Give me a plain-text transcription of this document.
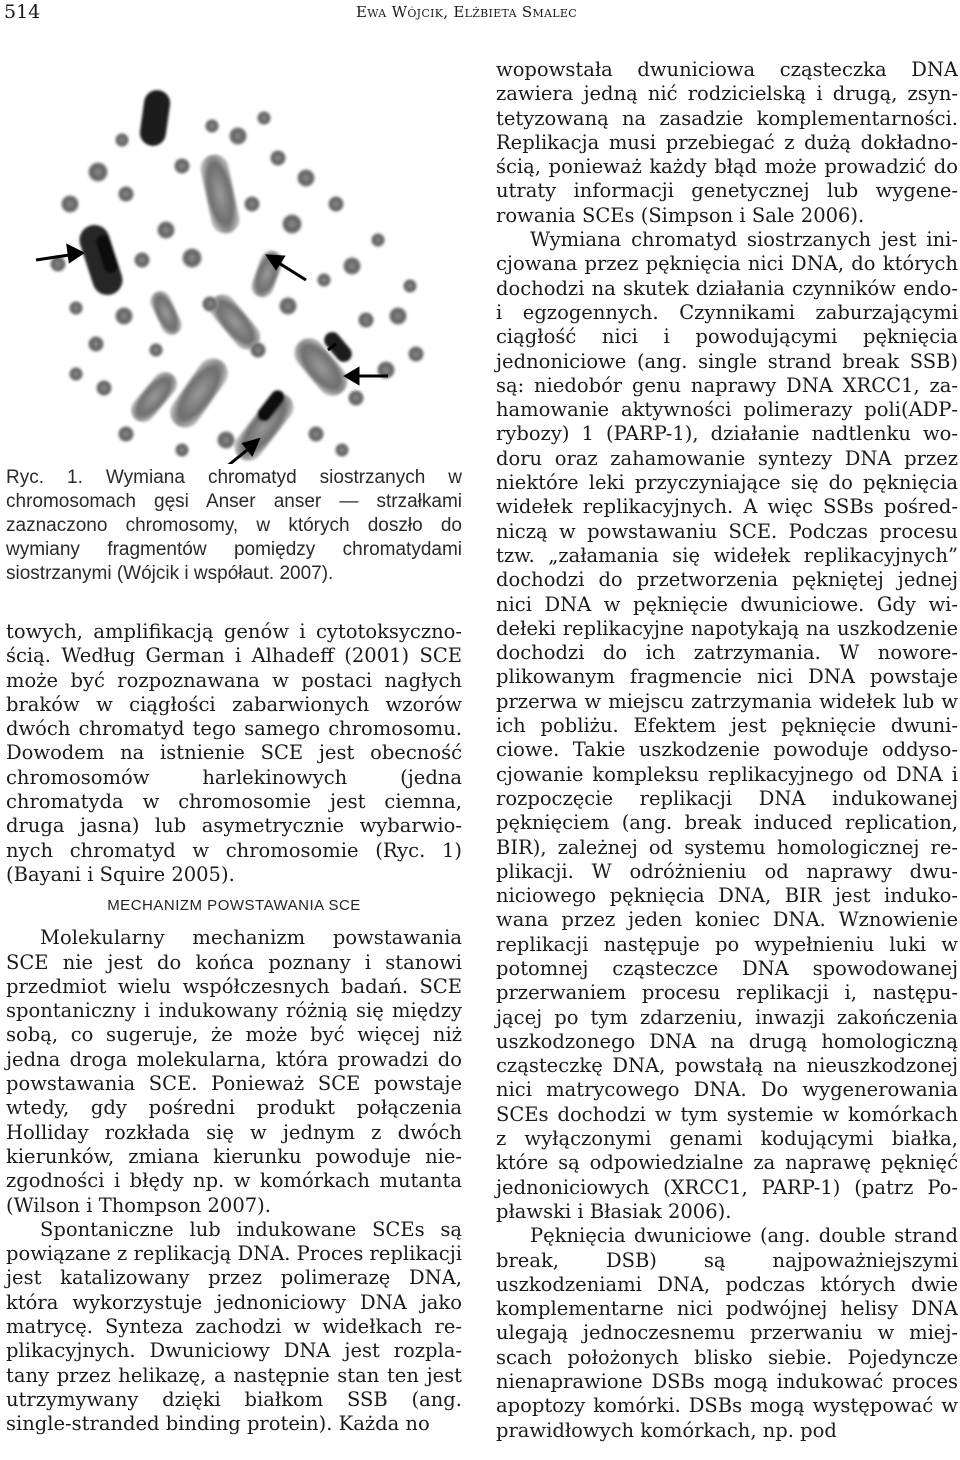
514	Ewa Wójcik, Elżbieta Smalec
Ryc. 1. Wymiana chromatyd siostrzanych w chromosomach gęsi Anser anser — strzałkami zaznaczono chromosomy, w których doszło do wymiany fragmentów pomiędzy chromatydami siostrzanymi (Wójcik i współaut. 2007).

towych, amplifikacją genów i cytotoksycznością. Według German i Alhadeff (2001) SCE może być rozpoznawana w postaci nagłych braków w ciągłości zabarwionych wzorów dwóch chromatyd tego samego chromosomu. Dowodem na istnienie SCE jest obecność chromosomów harlekinowych (jedna chromatyda w chromosomie jest ciemna, druga jasna) lub asymetrycznie wybarwionych chromatyd w chromosomie (Ryc. 1) (Bayani i Squire 2005).

MECHANIZM POWSTAWANIA SCE

Molekularny mechanizm powstawania SCE nie jest do końca poznany i stanowi przedmiot wielu współczesnych badań. SCE spontaniczny i indukowany różnią się między sobą, co sugeruje, że może być więcej niż jedna droga molekularna, która prowadzi do powstawania SCE. Ponieważ SCE powstaje wtedy, gdy pośredni produkt połączenia Holliday rozkłada się w jednym z dwóch kierunków, zmiana kierunku powoduje niezgodności i błędy np. w komórkach mutanta (Wilson i Thompson 2007).

Spontaniczne lub indukowane SCEs są powiązane z replikacją DNA. Proces replikacji jest katalizowany przez polimerazę DNA, która wykorzystuje jednoniciowy DNA jako matrycę. Synteza zachodzi w widełkach replikacyjnych. Dwuniciowy DNA jest rozplatany przez helikazę, a następnie stan ten jest utrzymywany dzięki białkom SSB (ang. single-stranded binding protein). Każda no

wopowstała dwuniciowa cząsteczka DNA zawiera jedną nić rodzicielską i drugą, zsyntetyzowaną na zasadzie komplementarności. Replikacja musi przebiegać z dużą dokładnością, ponieważ każdy błąd może prowadzić do utraty informacji genetycznej lub wygenerowania SCEs (Simpson i Sale 2006).

Wymiana chromatyd siostrzanych jest inicjowana przez pęknięcia nici DNA, do których dochodzi na skutek działania czynników endo- i egzogennych. Czynnikami zaburzającymi ciągłość nici i powodującymi pęknięcia jednoniciowe (ang. single strand break SSB) są: niedobór genu naprawy DNA XRCC1, zahamowanie aktywności polimerazy poli(ADPrybozy) 1 (PARP-1), działanie nadtlenku wodoru oraz zahamowanie syntezy DNA przez niektóre leki przyczyniające się do pęknięcia widełek replikacyjnych. A więc SSBs pośredniczą w powstawaniu SCE. Podczas procesu tzw. „załamania się widełek replikacyjnych” dochodzi do przetworzenia pękniętej jednej nici DNA w pęknięcie dwuniciowe. Gdy widełeki replikacyjne napotykają na uszkodzenie dochodzi do ich zatrzymania. W noworeplikowanym fragmencie nici DNA powstaje przerwa w miejscu zatrzymania widełek lub w ich pobliżu. Efektem jest pęknięcie dwuniciowe. Takie uszkodzenie powoduje oddysocjowanie kompleksu replikacyjnego od DNA i rozpoczęcie replikacji DNA indukowanej pęknięciem (ang. break induced replication, BIR), zależnej od systemu homologicznej replikacji. W odróżnieniu od naprawy dwuniciowego pęknięcia DNA, BIR jest indukowana przez jeden koniec DNA. Wznowienie replikacji następuje po wypełnieniu luki w potomnej cząsteczce DNA spowodowanej przerwaniem procesu replikacji i, następującej po tym zdarzeniu, inwazji zakończenia uszkodzonego DNA na drugą homologiczną cząsteczkę DNA, powstałą na nieuszkodzonej nici matrycowego DNA. Do wygenerowania SCEs dochodzi w tym systemie w komórkach z wyłączonymi genami kodującymi białka, które są odpowiedzialne za naprawę pęknięć jednoniciowych (XRCC1, PARP-1) (patrz Popławski i Błasiak 2006).

Pęknięcia dwuniciowe (ang. double strand break, DSB) są najpoważniejszymi uszkodzeniami DNA, podczas których dwie komplementarne nici podwójnej helisy DNA ulegają jednoczesnemu przerwaniu w miejscach położonych blisko siebie. Pojedyncze nienaprawione DSBs mogą indukować proces apoptozy komórki. DSBs mogą występować w prawidłowych komórkach, np. pod
